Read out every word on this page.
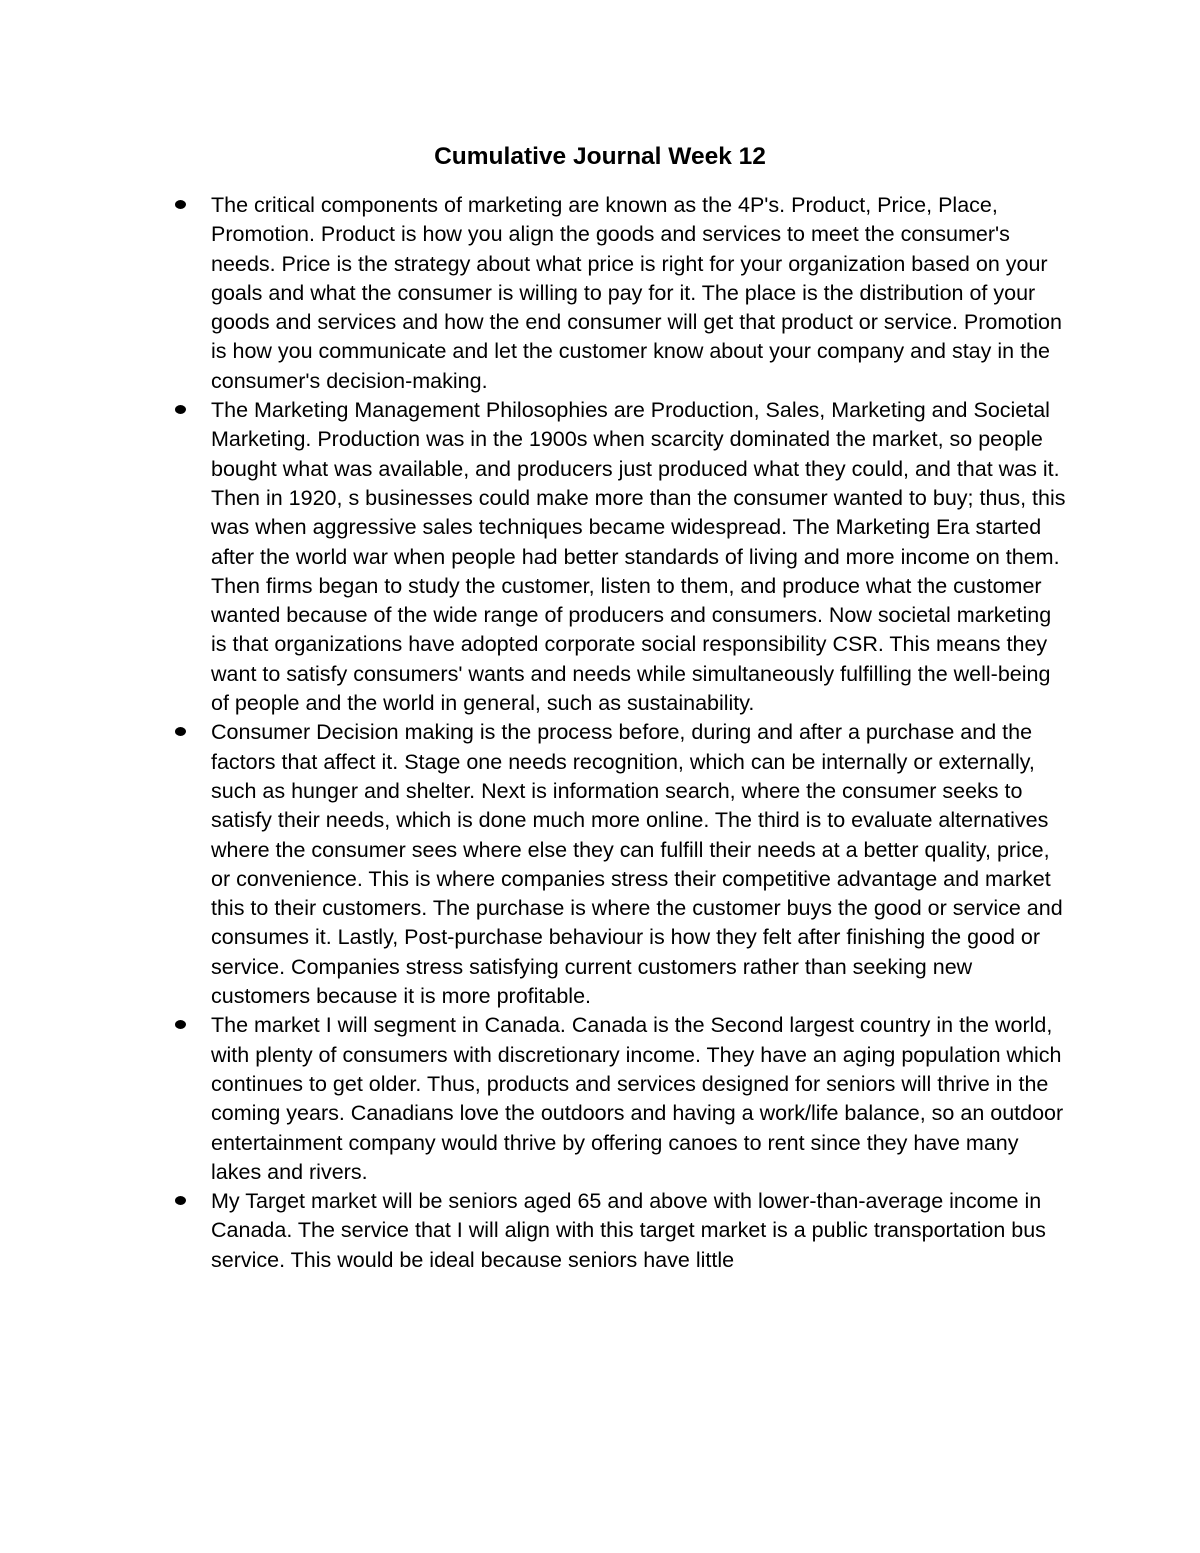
Cumulative Journal Week 12
The critical components of marketing are known as the 4P's. Product, Price, Place, Promotion. Product is how you align the goods and services to meet the consumer's needs. Price is the strategy about what price is right for your organization based on your goals and what the consumer is willing to pay for it. The place is the distribution of your goods and services and how the end consumer will get that product or service. Promotion is how you communicate and let the customer know about your company and stay in the consumer's decision-making.
The Marketing Management Philosophies are Production, Sales, Marketing and Societal Marketing. Production was in the 1900s when scarcity dominated the market, so people bought what was available, and producers just produced what they could, and that was it. Then in 1920, s businesses could make more than the consumer wanted to buy; thus, this was when aggressive sales techniques became widespread. The Marketing Era started after the world war when people had better standards of living and more income on them. Then firms began to study the customer, listen to them, and produce what the customer wanted because of the wide range of producers and consumers. Now societal marketing is that organizations have adopted corporate social responsibility CSR. This means they want to satisfy consumers' wants and needs while simultaneously fulfilling the well-being of people and the world in general, such as sustainability.
Consumer Decision making is the process before, during and after a purchase and the factors that affect it. Stage one needs recognition, which can be internally or externally, such as hunger and shelter. Next is information search, where the consumer seeks to satisfy their needs, which is done much more online. The third is to evaluate alternatives where the consumer sees where else they can fulfill their needs at a better quality, price, or convenience. This is where companies stress their competitive advantage and market this to their customers. The purchase is where the customer buys the good or service and consumes it. Lastly, Post-purchase behaviour is how they felt after finishing the good or service. Companies stress satisfying current customers rather than seeking new customers because it is more profitable.
The market I will segment in Canada. Canada is the Second largest country in the world, with plenty of consumers with discretionary income. They have an aging population which continues to get older. Thus, products and services designed for seniors will thrive in the coming years. Canadians love the outdoors and having a work/life balance, so an outdoor entertainment company would thrive by offering canoes to rent since they have many lakes and rivers.
My Target market will be seniors aged 65 and above with lower-than-average income in Canada. The service that I will align with this target market is a public transportation bus service. This would be ideal because seniors have little
